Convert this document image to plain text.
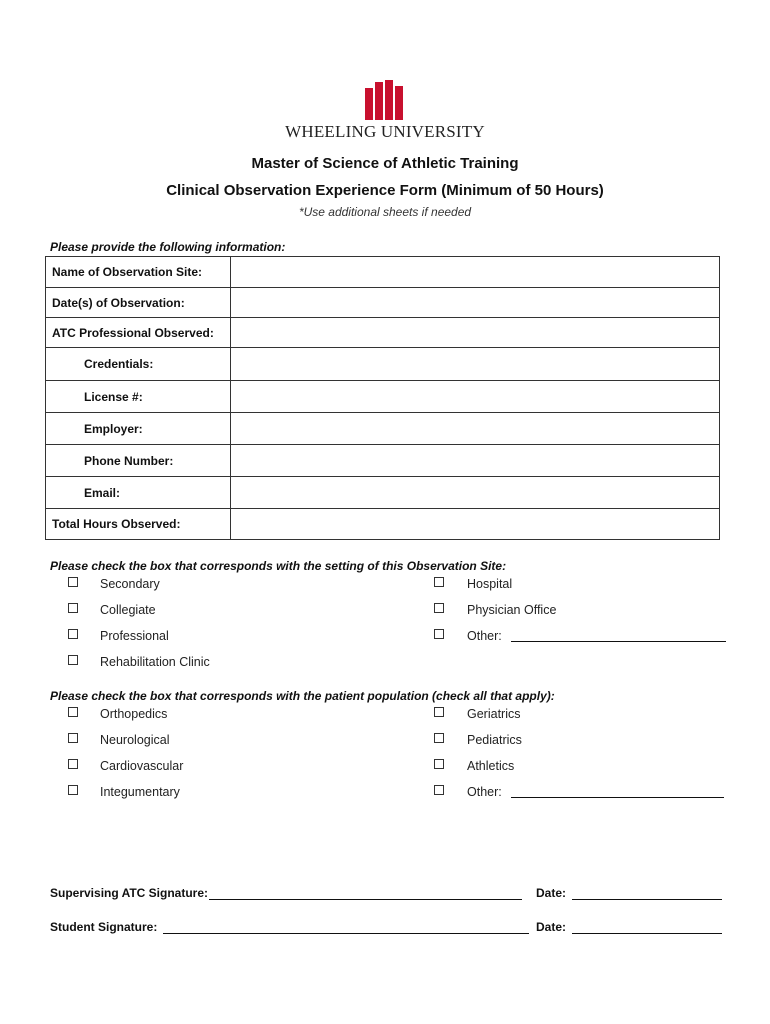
WHEELING UNIVERSITY
Master of Science of Athletic Training
Clinical Observation Experience Form (Minimum of 50 Hours)
*Use additional sheets if needed
Please provide the following information:
Name of Observation Site:	
Date(s) of Observation:	
ATC Professional Observed:	
Credentials:	
License #:	
Employer:	
Phone Number:	
Email:	
Total Hours Observed:	
Please check the box that corresponds with the setting of this Observation Site:
Secondary
Collegiate
Professional
Rehabilitation Clinic
Hospital
Physician Office
Other:
Please check the box that corresponds with the patient population (check all that apply):
Orthopedics
Neurological
Cardiovascular
Integumentary
Geriatrics
Pediatrics
Athletics
Other:
Supervising ATC Signature:	Date:
Student Signature:	Date:
